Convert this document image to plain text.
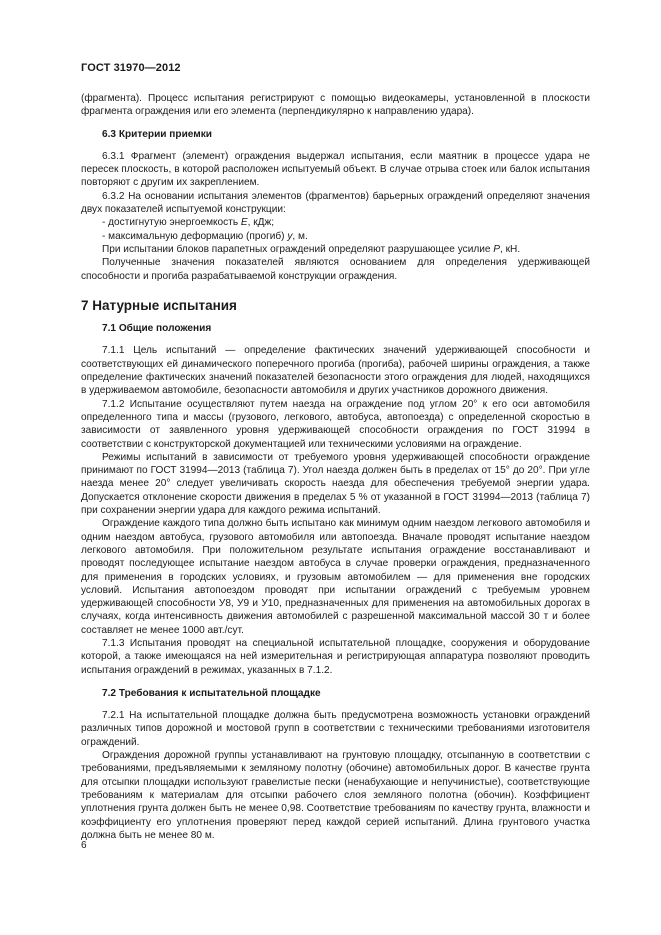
ГОСТ 31970—2012

(фрагмента). Процесс испытания регистрируют с помощью видеокамеры, установленной в плоскости фрагмента ограждения или его элемента (перпендикулярно к направлению удара).

6.3 Критерии приемки

6.3.1 Фрагмент (элемент) ограждения выдержал испытания, если маятник в процессе удара не пересек плоскость, в которой расположен испытуемый объект. В случае отрыва стоек или балок испытания повторяют с другим их закреплением.

6.3.2 На основании испытания элементов (фрагментов) барьерных ограждений определяют значения двух показателей испытуемой конструкции:

- достигнутую энергоемкость E, кДж;

- максимальную деформацию (прогиб) y, м.

При испытании блоков парапетных ограждений определяют разрушающее усилие P, кН.

Полученные значения показателей являются основанием для определения удерживающей способности и прогиба разрабатываемой конструкции ограждения.

7 Натурные испытания

7.1 Общие положения

7.1.1 Цель испытаний — определение фактических значений удерживающей способности и соответствующих ей динамического поперечного прогиба (прогиба), рабочей ширины ограждения, а также определение фактических значений показателей безопасности этого ограждения для людей, находящихся в удерживаемом автомобиле, безопасности автомобиля и других участников дорожного движения.

7.1.2 Испытание осуществляют путем наезда на ограждение под углом 20° к его оси автомобиля определенного типа и массы (грузового, легкового, автобуса, автопоезда) с определенной скоростью в зависимости от заявленного уровня удерживающей способности ограждения по ГОСТ 31994 в соответствии с конструкторской документацией или техническими условиями на ограждение.

Режимы испытаний в зависимости от требуемого уровня удерживающей способности ограждение принимают по ГОСТ 31994—2013 (таблица 7). Угол наезда должен быть в пределах от 15° до 20°. При угле наезда менее 20° следует увеличивать скорость наезда для обеспечения требуемой энергии удара. Допускается отклонение скорости движения в пределах 5 % от указанной в ГОСТ 31994—2013 (таблица 7) при сохранении энергии удара для каждого режима испытаний.

Ограждение каждого типа должно быть испытано как минимум одним наездом легкового автомобиля и одним наездом автобуса, грузового автомобиля или автопоезда. Вначале проводят испытание наездом легкового автомобиля. При положительном результате испытания ограждение восстанавливают и проводят последующее испытание наездом автобуса в случае проверки ограждения, предназначенного для применения в городских условиях, и грузовым автомобилем — для применения вне городских условий. Испытания автопоездом проводят при испытании ограждений с требуемым уровнем удерживающей способности У8, У9 и У10, предназначенных для применения на автомобильных дорогах в случаях, когда интенсивность движения автомобилей с разрешенной максимальной массой 30 т и более составляет не менее 1000 авт./сут.

7.1.3 Испытания проводят на специальной испытательной площадке, сооружения и оборудование которой, а также имеющаяся на ней измерительная и регистрирующая аппаратура позволяют проводить испытания ограждений в режимах, указанных в 7.1.2.

7.2 Требования к испытательной площадке

7.2.1 На испытательной площадке должна быть предусмотрена возможность установки ограждений различных типов дорожной и мостовой групп в соответствии с техническими требованиями изготовителя ограждений.

Ограждения дорожной группы устанавливают на грунтовую площадку, отсыпанную в соответствии с требованиями, предъявляемыми к земляному полотну (обочине) автомобильных дорог. В качестве грунта для отсыпки площадки используют гравелистые пески (ненабухающие и непучинистые), соответствующие требованиям к материалам для отсыпки рабочего слоя земляного полотна (обочин). Коэффициент уплотнения грунта должен быть не менее 0,98. Соответствие требованиям по качеству грунта, влажности и коэффициенту его уплотнения проверяют перед каждой серией испытаний. Длина грунтового участка должна быть не менее 80 м.

6
